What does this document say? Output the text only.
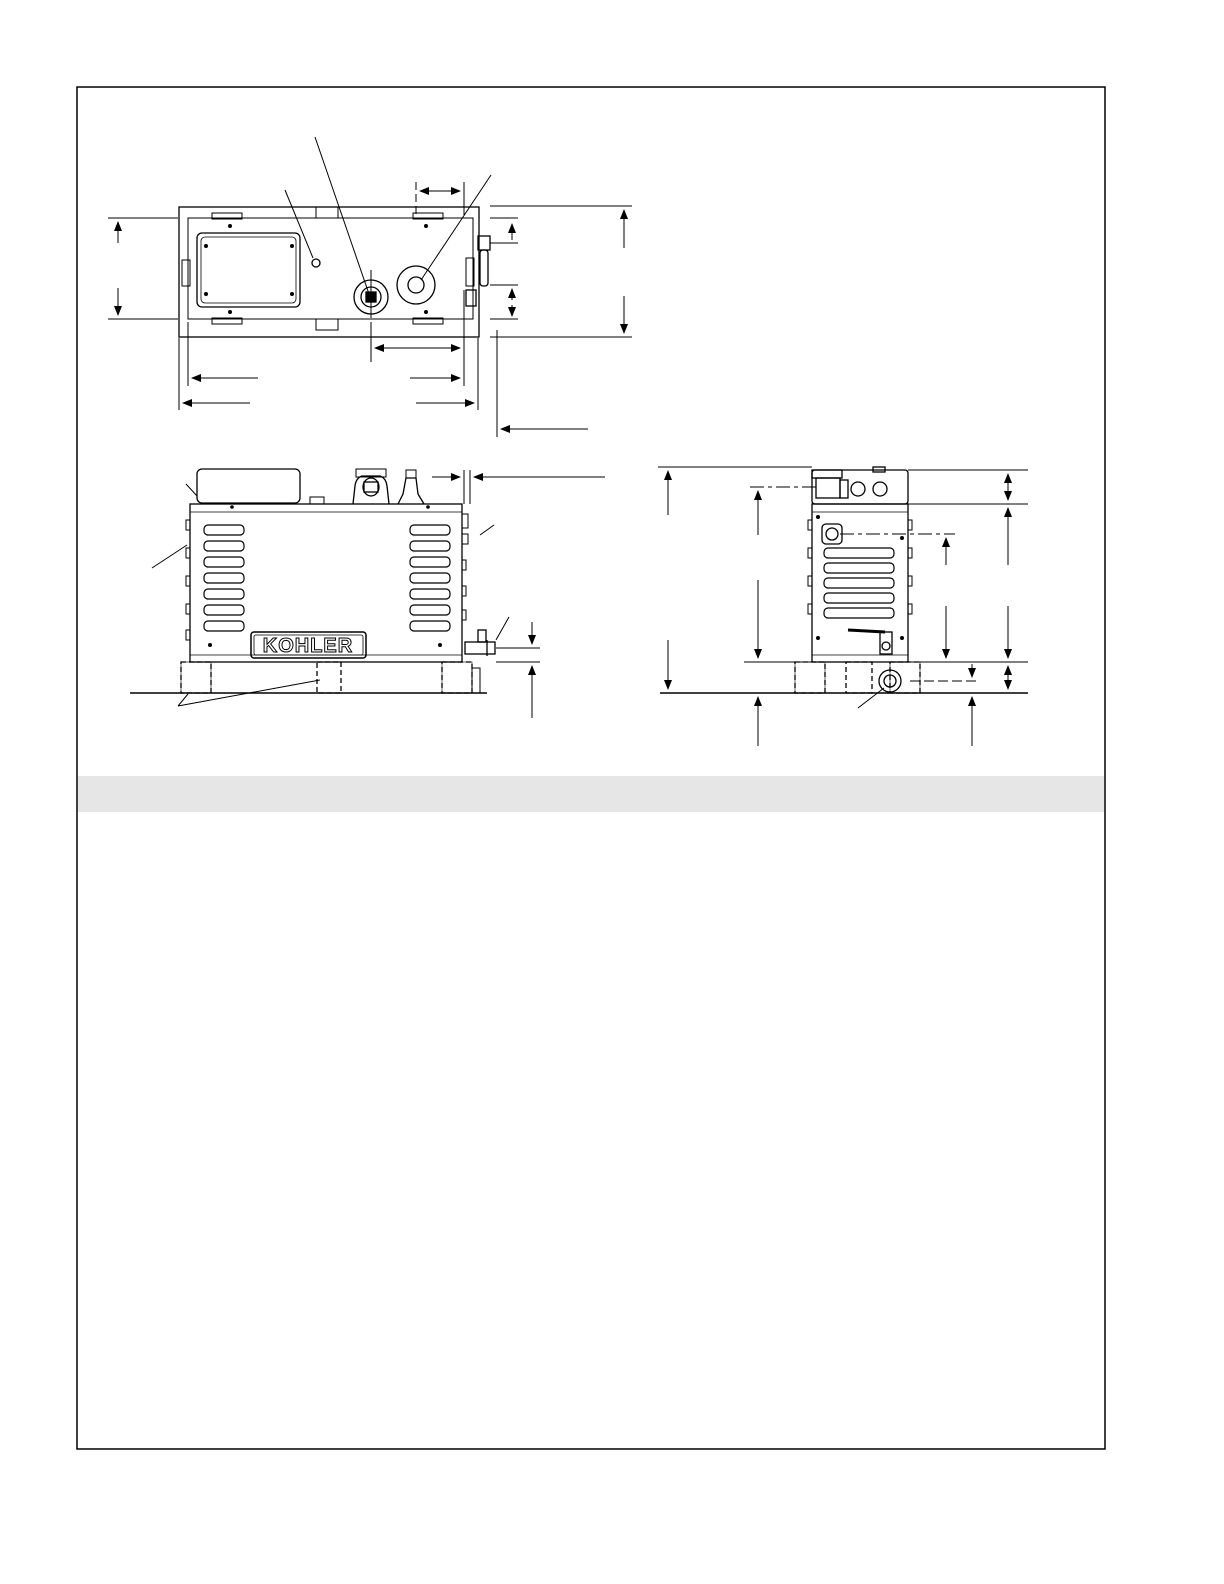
KOHLER
